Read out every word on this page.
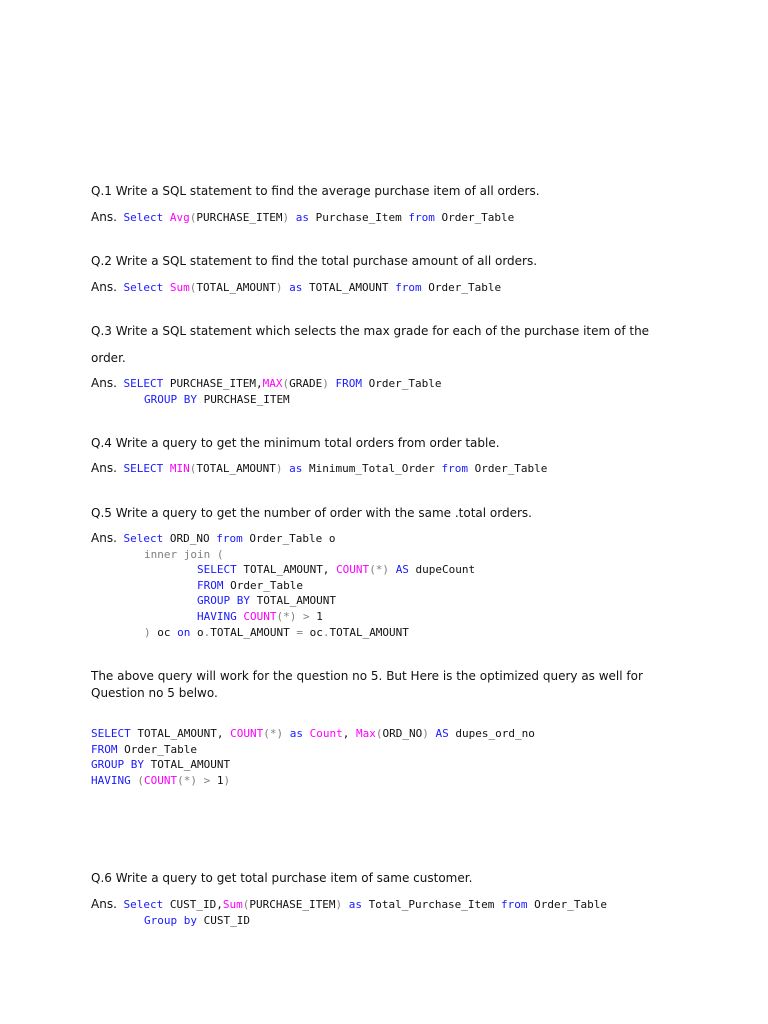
Q.1 Write a SQL statement to find the average purchase item of all orders.
Ans. Select Avg(PURCHASE_ITEM) as Purchase_Item from Order_Table
Q.2 Write a SQL statement to find the total purchase amount of all orders.
Ans. Select Sum(TOTAL_AMOUNT) as TOTAL_AMOUNT from Order_Table
Q.3 Write a SQL statement which selects the max grade for each of the purchase item of the
order.
Ans. SELECT PURCHASE_ITEM,MAX(GRADE) FROM Order_Table
GROUP BY PURCHASE_ITEM
Q.4 Write a query to get the minimum total orders from order table.
Ans. SELECT MIN(TOTAL_AMOUNT) as Minimum_Total_Order from Order_Table
Q.5 Write a query to get the number of order with the same .total orders.
Ans. Select ORD_NO from Order_Table o
inner join (
SELECT TOTAL_AMOUNT, COUNT(*) AS dupeCount
FROM Order_Table
GROUP BY TOTAL_AMOUNT
HAVING COUNT(*) > 1
) oc on o.TOTAL_AMOUNT = oc.TOTAL_AMOUNT
The above query will work for the question no 5. But Here is the optimized query as well for Question no 5 belwo.
SELECT TOTAL_AMOUNT, COUNT(*) as Count, Max(ORD_NO) AS dupes_ord_no
FROM Order_Table
GROUP BY TOTAL_AMOUNT
HAVING (COUNT(*) > 1)
Q.6 Write a query to get total purchase item of same customer.
Ans. Select CUST_ID,Sum(PURCHASE_ITEM) as Total_Purchase_Item from Order_Table
Group by CUST_ID
